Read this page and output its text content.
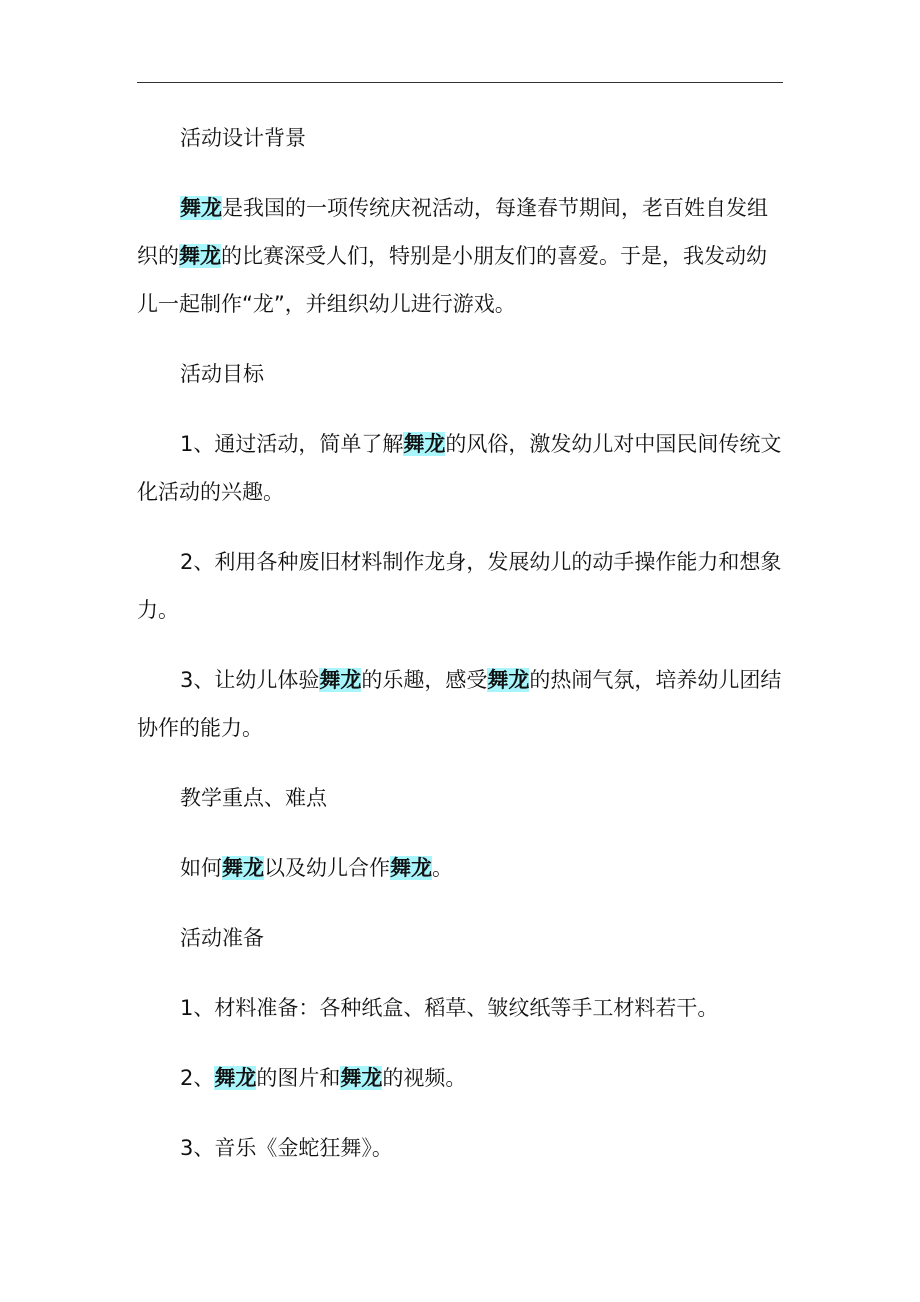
活动设计背景

舞龙是我国的一项传统庆祝活动，每逢春节期间，老百姓自发组织的舞龙的比赛深受人们，特别是小朋友们的喜爱。于是，我发动幼儿一起制作“龙”，并组织幼儿进行游戏。

活动目标

1、通过活动，简单了解舞龙的风俗，激发幼儿对中国民间传统文化活动的兴趣。

2、利用各种废旧材料制作龙身，发展幼儿的动手操作能力和想象力。

3、让幼儿体验舞龙的乐趣，感受舞龙的热闹气氛，培养幼儿团结协作的能力。

教学重点、难点

如何舞龙以及幼儿合作舞龙。

活动准备

1、材料准备：各种纸盒、稻草、皱纹纸等手工材料若干。

2、舞龙的图片和舞龙的视频。

3、音乐《金蛇狂舞》。
